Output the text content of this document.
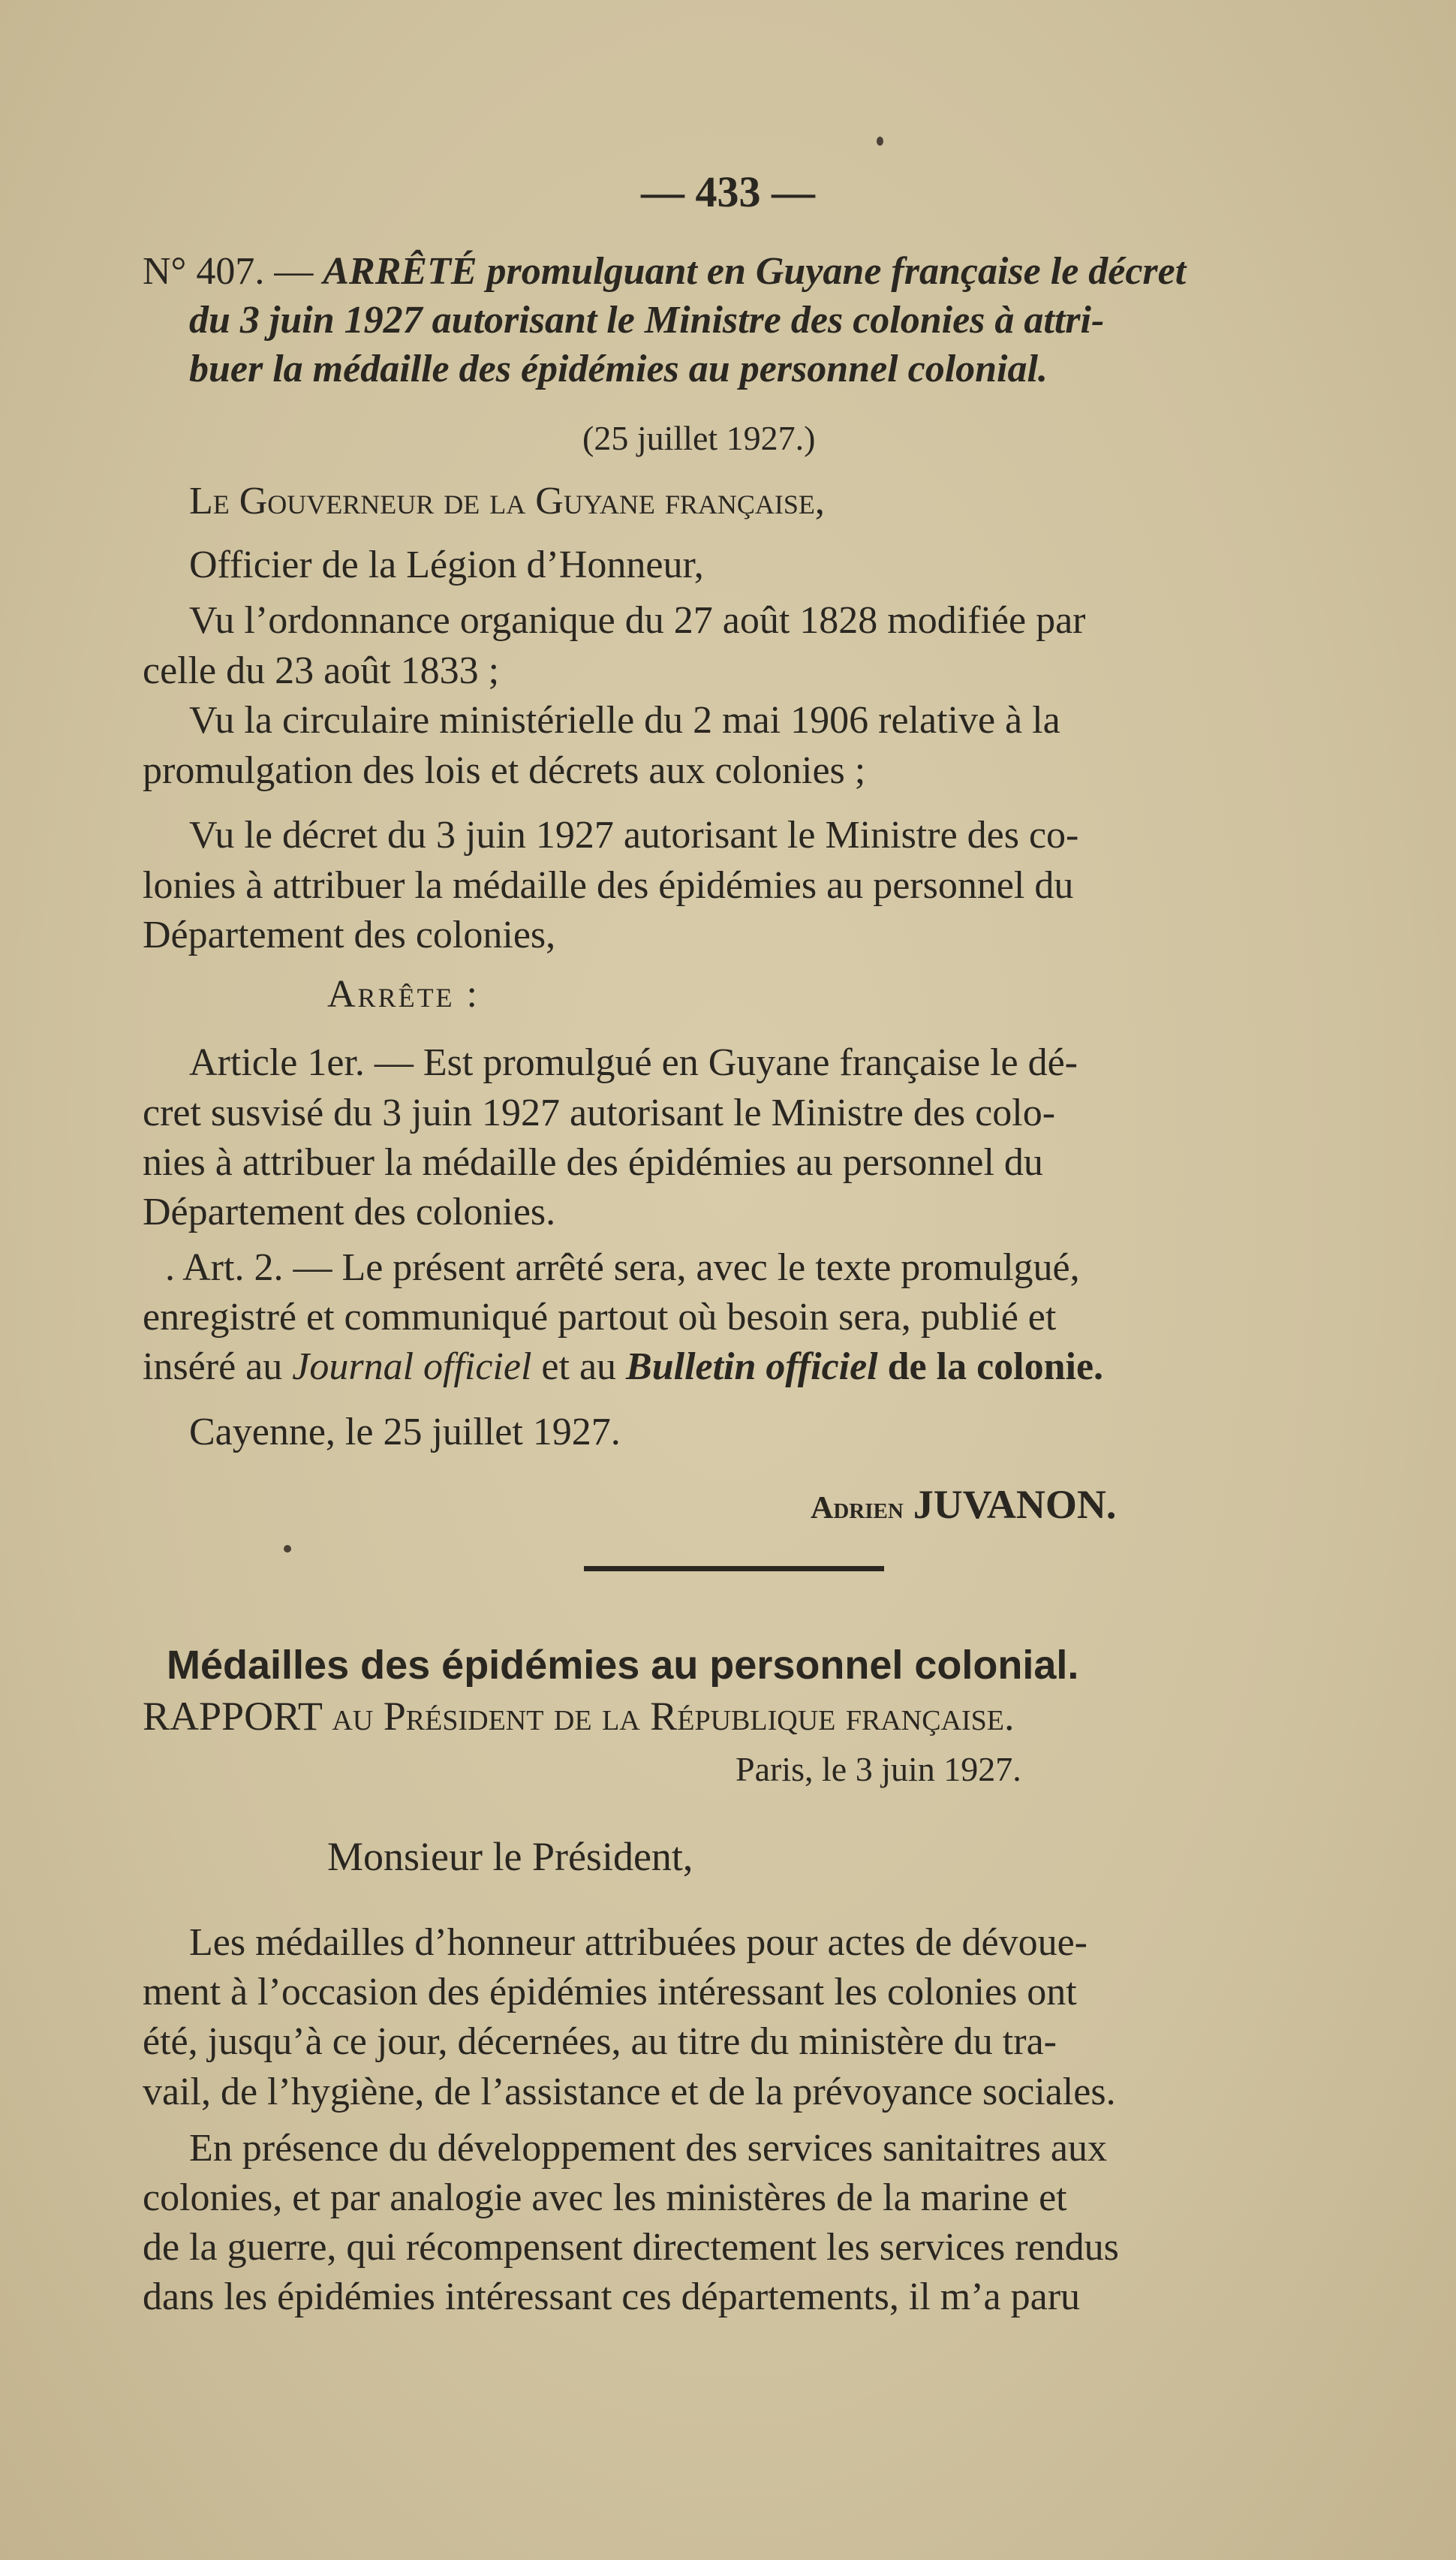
— 433 —
N° 407. — ARRÊTÉ promulguant en Guyane française le décret
du 3 juin 1927 autorisant le Ministre des colonies à attri-
buer la médaille des épidémies au personnel colonial.
(25 juillet 1927.)
Le Gouverneur de la Guyane française,
Officier de la Légion d’Honneur,
Vu l’ordonnance organique du 27 août 1828 modifiée par
celle du 23 août 1833 ;
Vu la circulaire ministérielle du 2 mai 1906 relative à la
promulgation des lois et décrets aux colonies ;
Vu le décret du 3 juin 1927 autorisant le Ministre des co-
lonies à attribuer la médaille des épidémies au personnel du
Département des colonies,
Arrête :
Article 1er. — Est promulgué en Guyane française le dé-
cret susvisé du 3 juin 1927 autorisant le Ministre des colo-
nies à attribuer la médaille des épidémies au personnel du
Département des colonies.
. Art. 2. — Le présent arrêté sera, avec le texte promulgué,
enregistré et communiqué partout où besoin sera, publié et
inséré au Journal officiel et au Bulletin officiel de la colonie.
Cayenne, le 25 juillet 1927.
Adrien JUVANON.
Médailles des épidémies au personnel colonial.
RAPPORT au Président de la République française.
Paris, le 3 juin 1927.
Monsieur le Président,
Les médailles d’honneur attribuées pour actes de dévoue-
ment à l’occasion des épidémies intéressant les colonies ont
été, jusqu’à ce jour, décernées, au titre du ministère du tra-
vail, de l’hygiène, de l’assistance et de la prévoyance sociales.
En présence du développement des services sanitaitres aux
colonies, et par analogie avec les ministères de la marine et
de la guerre, qui récompensent directement les services rendus
dans les épidémies intéressant ces départements, il m’a paru
